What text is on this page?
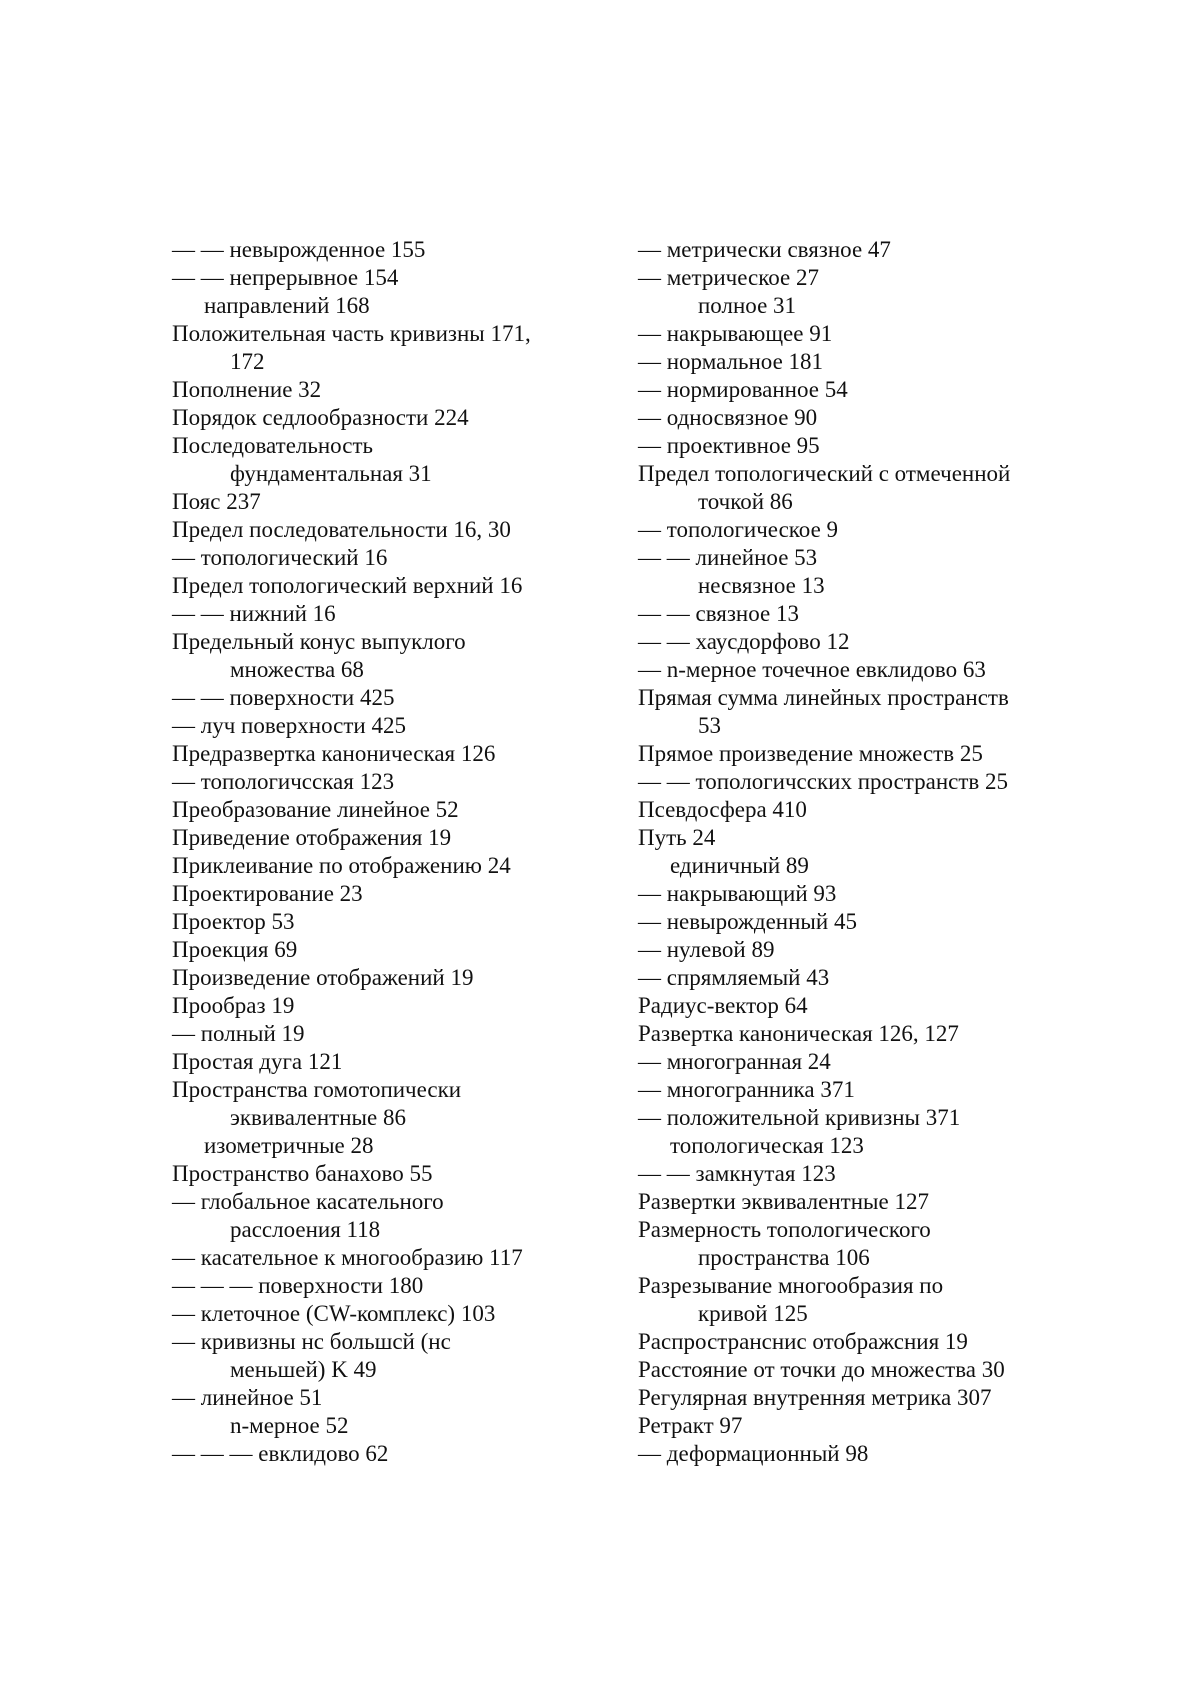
— — невырожденное 155
— — непрерывное 154
направлений 168
Положительная часть кривизны 171,
172
Пополнение 32
Порядок седлообразности 224
Последовательность
фундаментальная 31
Пояс 237
Предел последовательности 16, 30
— топологический 16
Предел топологический верхний 16
— — нижний 16
Предельный конус выпуклого
множества 68
— — поверхности 425
— луч поверхности 425
Предразвертка каноническая 126
— топологичсская 123
Преобразование линейное 52
Приведение отображения 19
Приклеивание по отображению 24
Проектирование 23
Проектор 53
Проекция 69
Произведение отображений 19
Прообраз 19
— полный 19
Простая дуга 121
Пространства гомотопически
эквивалентные 86
изометричные 28
Пространство банахово 55
— глобальное касательного
расслоения 118
— касательное к многообразию 117
— — — поверхности 180
— клеточное (CW-комплекс) 103
— кривизны нс большсй (нс
меньшей) K 49
— линейное 51
n-мерное 52
— — — евклидово 62
— метрически связное 47
— метрическое 27
полное 31
— накрывающее 91
— нормальное 181
— нормированное 54
— односвязное 90
— проективное 95
Предел топологический с отмеченной
точкой 86
— топологическое 9
— — линейное 53
несвязное 13
— — связное 13
— — хаусдорфово 12
— n-мерное точечное евклидово 63
Прямая сумма линейных пространств
53
Прямое произведение множеств 25
— — топологичсских пространств 25
Псевдосфера 410
Путь 24
единичный 89
— накрывающий 93
— невырожденный 45
— нулевой 89
— спрямляемый 43
Радиус-вектор 64
Развертка каноническая 126, 127
— многогранная 24
— многогранника 371
— положительной кривизны 371
топологическая 123
— — замкнутая 123
Развертки эквивалентные 127
Размерность топологического
пространства 106
Разрезывание многообразия по
кривой 125
Распространснис отображсния 19
Расстояние от точки до множества 30
Регулярная внутренняя метрика 307
Ретракт 97
— деформационный 98
